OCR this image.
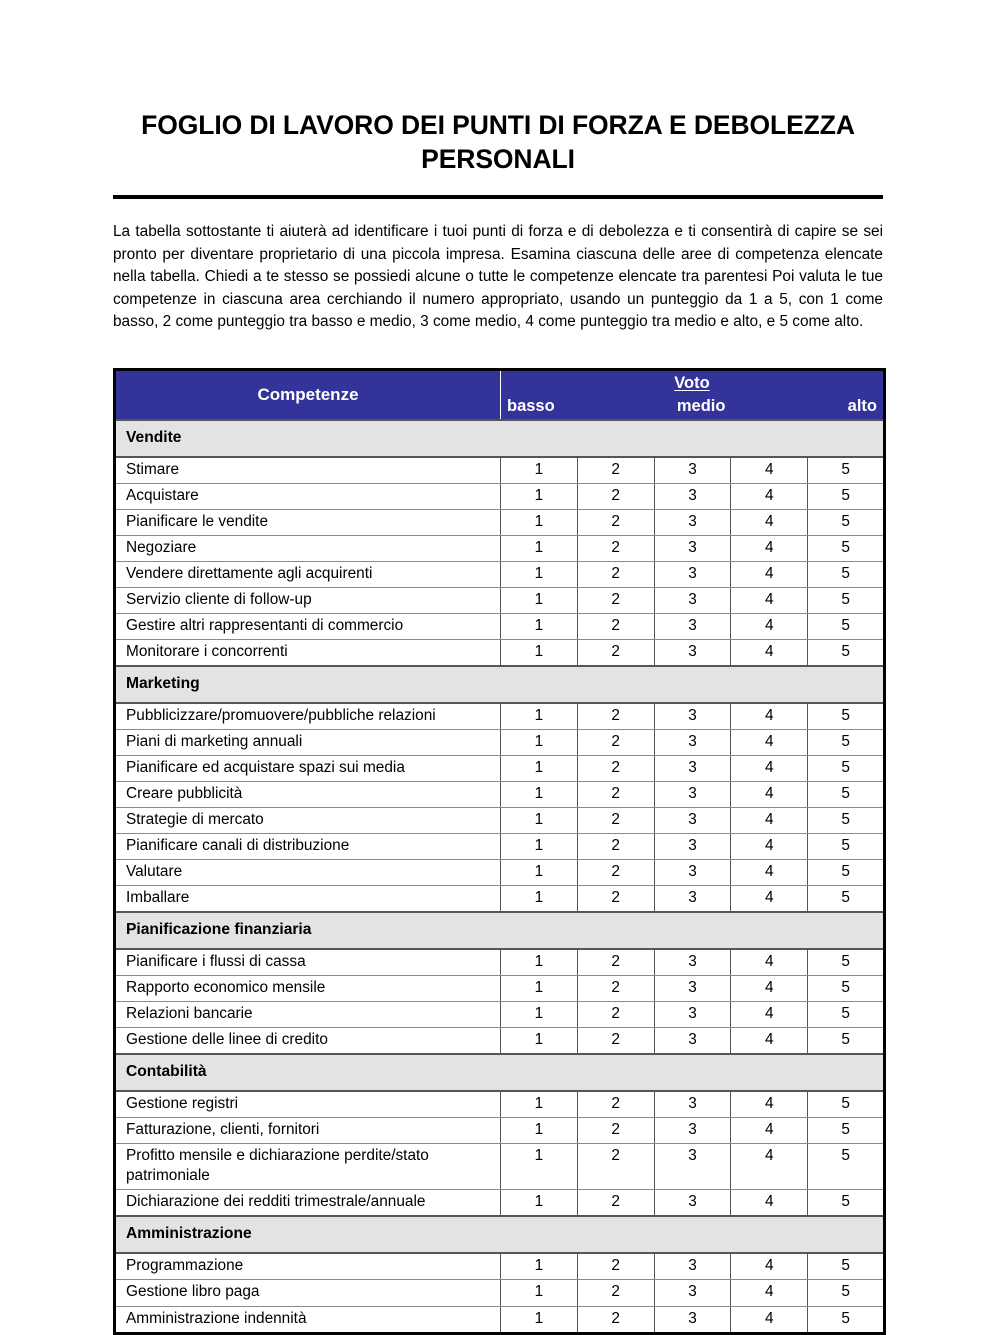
FOGLIO DI LAVORO DEI PUNTI DI FORZA E DEBOLEZZA PERSONALI

La tabella sottostante ti aiuterà ad identificare i tuoi punti di forza e di debolezza e ti consentirà di capire se sei pronto per diventare proprietario di una piccola impresa. Esamina ciascuna delle aree di competenza elencate nella tabella. Chiedi a te stesso se possiedi alcune o tutte le competenze elencate tra parentesi Poi valuta le tue competenze in ciascuna area cerchiando il numero appropriato, usando un punteggio da 1 a 5, con 1 come basso, 2 come punteggio tra basso e medio, 3 come medio, 4 come punteggio tra medio e alto, e 5 come alto.

Competenze	Voto
basso medio alto				

Vendite					
Stimare	1	2	3	4	5
Acquistare	1	2	3	4	5
Pianificare le vendite	1	2	3	4	5
Negoziare	1	2	3	4	5
Vendere direttamente agli acquirenti	1	2	3	4	5
Servizio cliente di follow-up	1	2	3	4	5
Gestire altri rappresentanti di commercio	1	2	3	4	5
Monitorare i concorrenti	1	2	3	4	5
Marketing					
Pubblicizzare/promuovere/pubbliche relazioni	1	2	3	4	5
Piani di marketing annuali	1	2	3	4	5
Pianificare ed acquistare spazi sui media	1	2	3	4	5
Creare pubblicità	1	2	3	4	5
Strategie di mercato	1	2	3	4	5
Pianificare canali di distribuzione	1	2	3	4	5
Valutare	1	2	3	4	5
Imballare	1	2	3	4	5
Pianificazione finanziaria					
Pianificare i flussi di cassa	1	2	3	4	5
Rapporto economico mensile	1	2	3	4	5
Relazioni bancarie	1	2	3	4	5
Gestione delle linee di credito	1	2	3	4	5
Contabilità					
Gestione registri	1	2	3	4	5
Fatturazione, clienti, fornitori	1	2	3	4	5
Profitto mensile e dichiarazione perdite/stato patrimoniale	1	2	3	4	5
Dichiarazione dei redditi trimestrale/annuale	1	2	3	4	5
Amministrazione					
Programmazione	1	2	3	4	5
Gestione libro paga	1	2	3	4	5
Amministrazione indennità	1	2	3	4	5
